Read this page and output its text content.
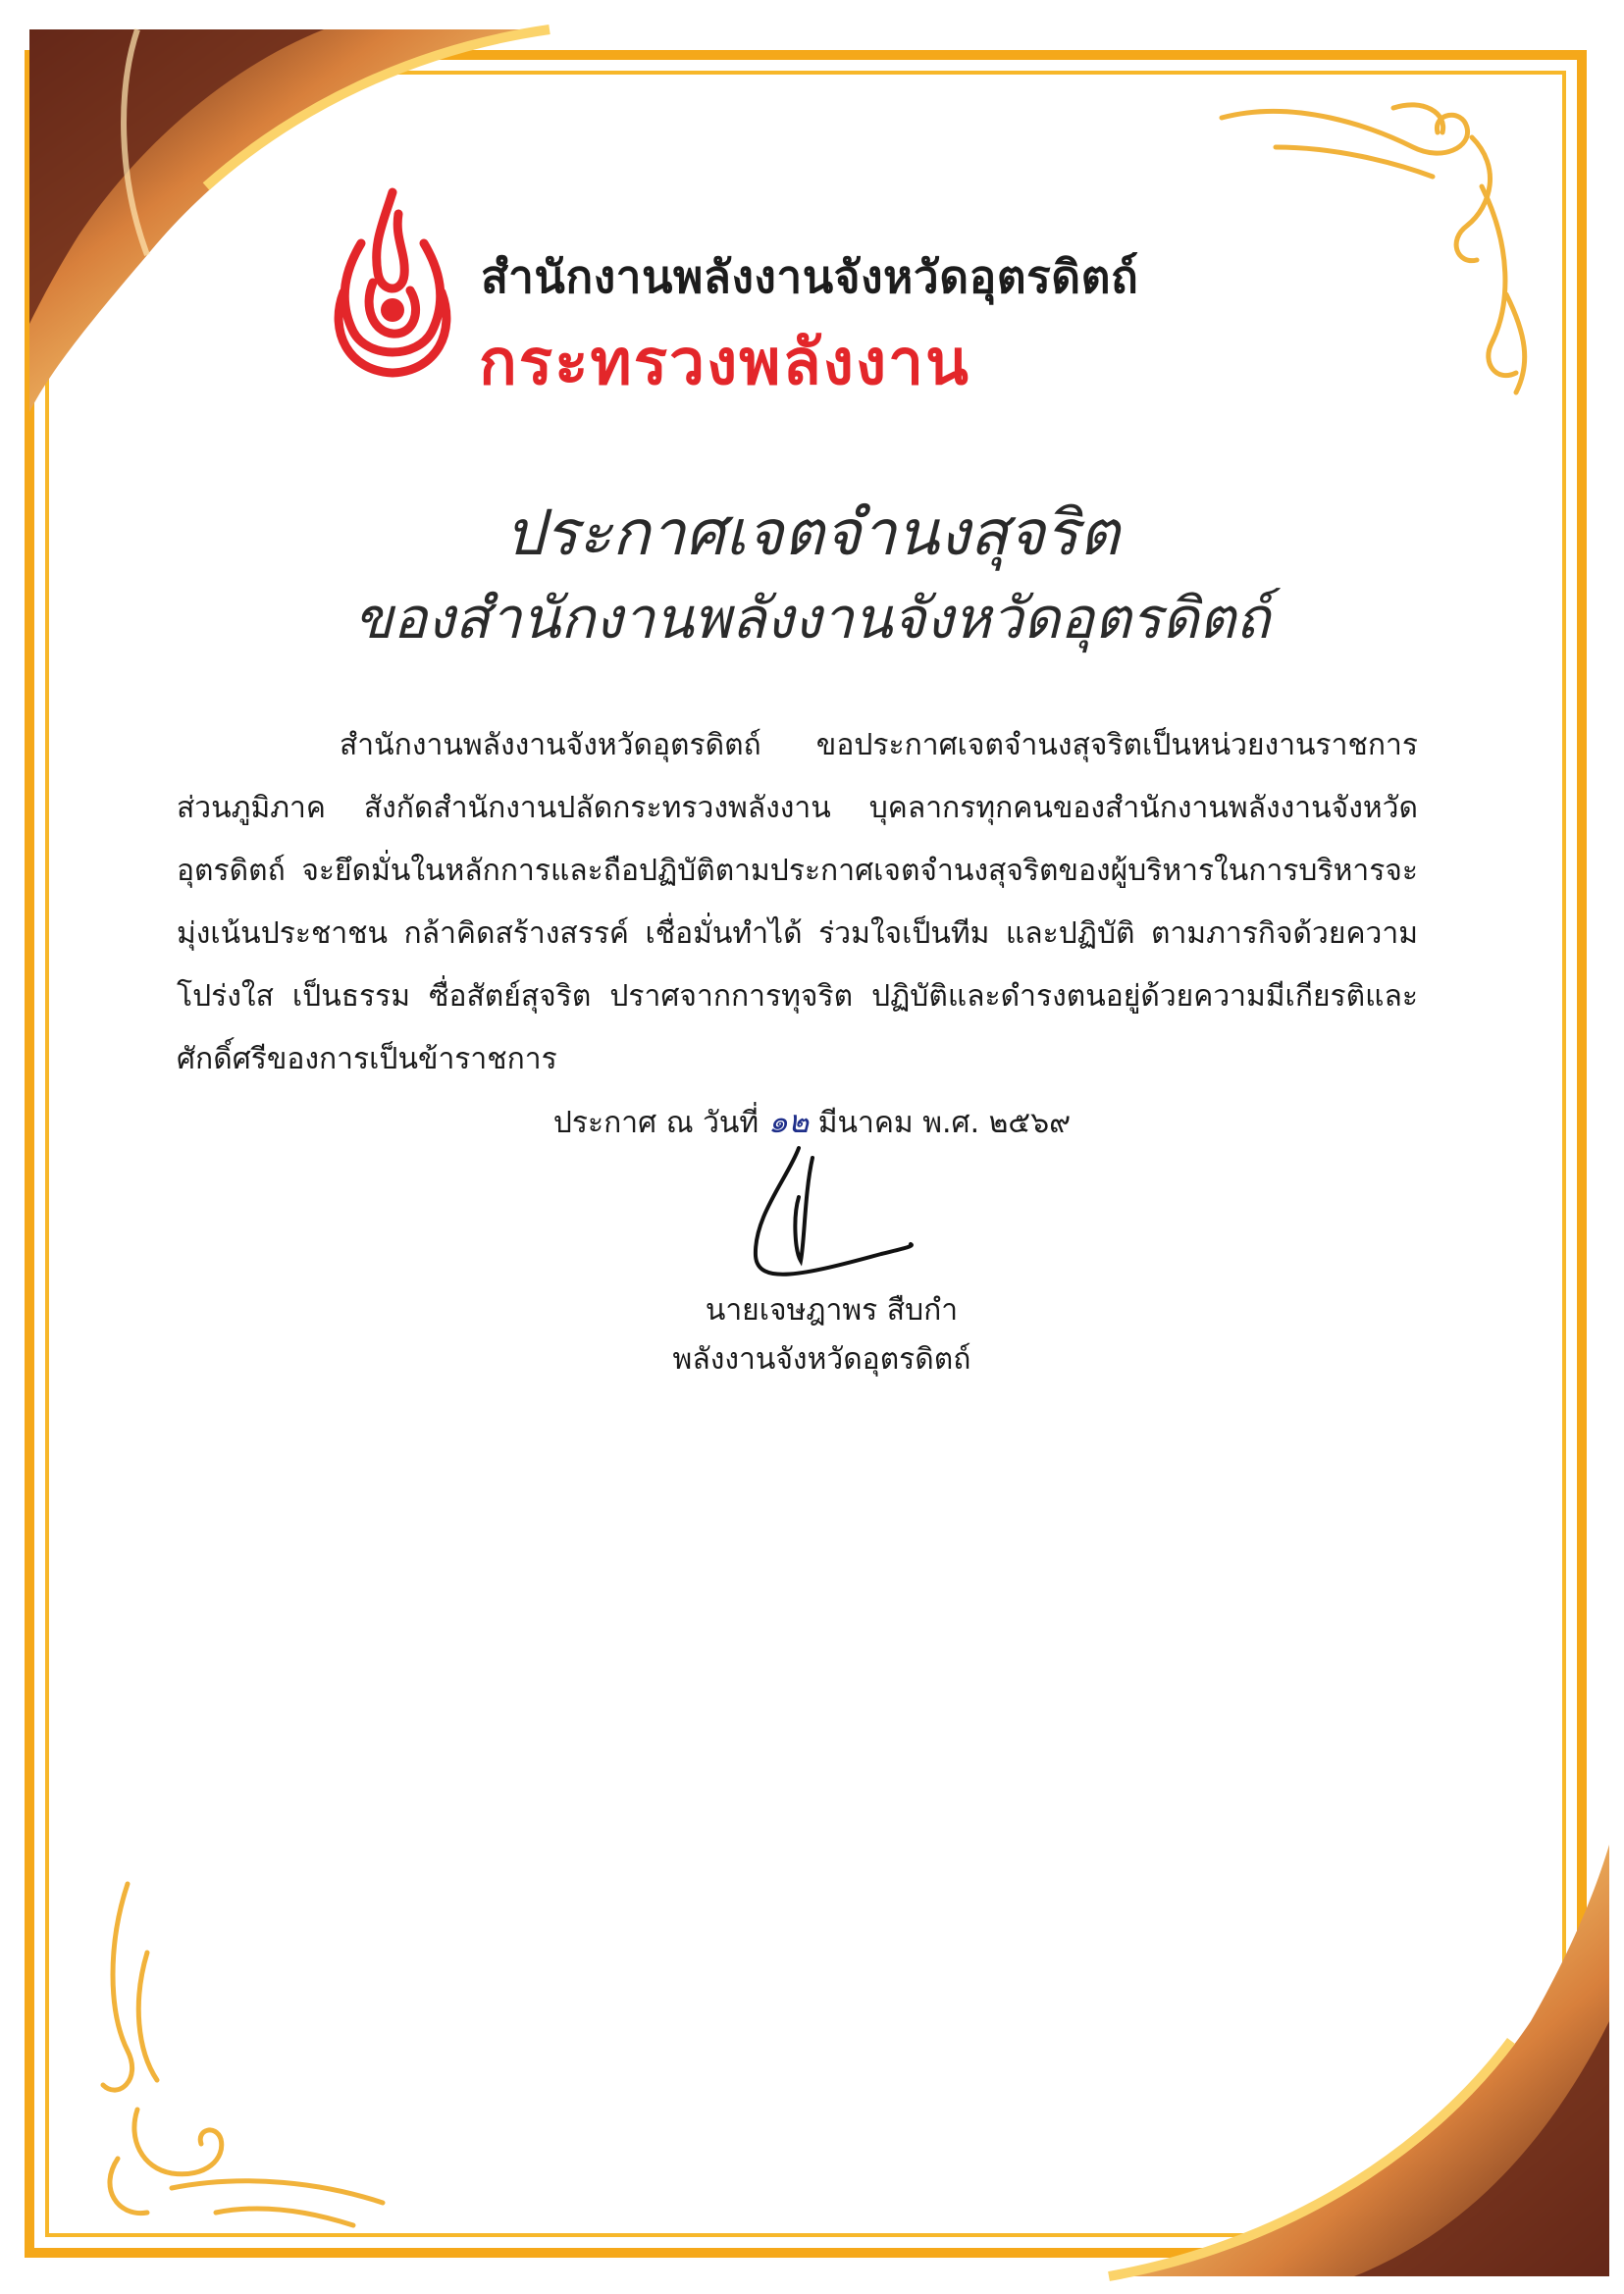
สำนักงานพลังงานจังหวัดอุตรดิตถ์
กระทรวงพลังงาน
ประกาศเจตจำนงสุจริต
ของสำนักงานพลังงานจังหวัดอุตรดิตถ์

สำนักงานพลังงานจังหวัดอุตรดิตถ์ ขอประกาศเจตจำนงสุจริตเป็นหน่วยงานราชการส่วนภูมิภาค สังกัดสำนักงานปลัดกระทรวงพลังงาน บุคลากรทุกคนของสำนักงานพลังงานจังหวัดอุตรดิตถ์ จะยึดมั่นในหลักการและถือปฏิบัติตามประกาศเจตจำนงสุจริตของผู้บริหารในการบริหารจะมุ่งเน้นประชาชน กล้าคิดสร้างสรรค์ เชื่อมั่นทำได้ ร่วมใจเป็นทีม และปฏิบัติ ตามภารกิจด้วยความโปร่งใส เป็นธรรม ซื่อสัตย์สุจริต ปราศจากการทุจริต ปฏิบัติและดำรงตนอยู่ด้วยความมีเกียรติและศักดิ์ศรีของการเป็นข้าราชการ

ประกาศ ณ วันที่ ๑๒ มีนาคม พ.ศ. ๒๕๖๙
นายเจษฎาพร สืบกำ
พลังงานจังหวัดอุตรดิตถ์
